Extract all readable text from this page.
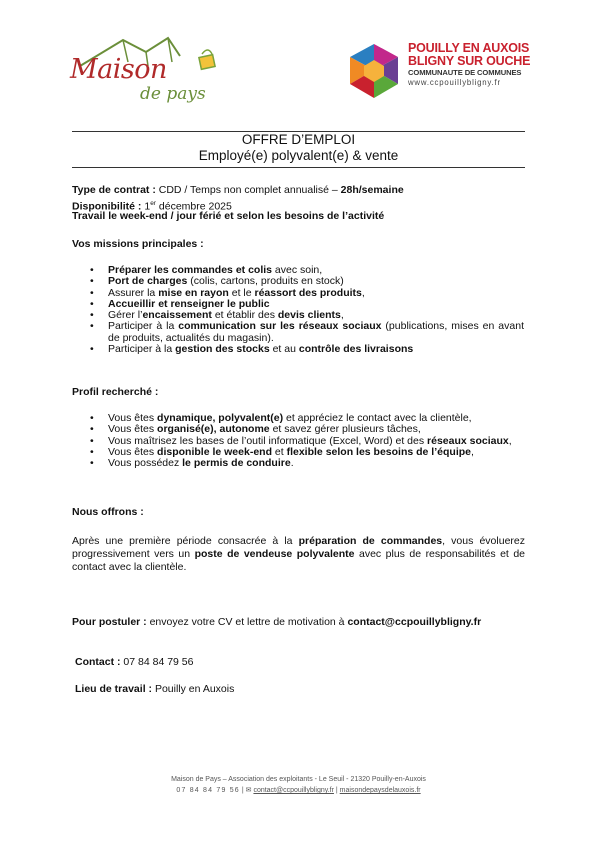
Maison
de pays
POUILLY EN AUXOIS
BLIGNY SUR OUCHE
COMMUNAUTE DE COMMUNES
www.ccpouillybligny.fr
OFFRE D’EMPLOI
Employé(e) polyvalent(e) & vente
Type de contrat : CDD / Temps non complet annualisé – 28h/semaine
Disponibilité : 1er décembre 2025
Travail le week-end / jour férié et selon les besoins de l’activité
Vos missions principales :
• Préparer les commandes et colis avec soin,
• Port de charges (colis, cartons, produits en stock)
• Assurer la mise en rayon et le réassort des produits,
• Accueillir et renseigner le public
• Gérer l’encaissement et établir des devis clients,
• Participer à la communication sur les réseaux sociaux (publications, mises en avant de produits, actualités du magasin).
• Participer à la gestion des stocks et au contrôle des livraisons
Profil recherché :
• Vous êtes dynamique, polyvalent(e) et appréciez le contact avec la clientèle,
• Vous êtes organisé(e), autonome et savez gérer plusieurs tâches,
• Vous maîtrisez les bases de l’outil informatique (Excel, Word) et des réseaux sociaux,
• Vous êtes disponible le week-end et flexible selon les besoins de l’équipe,
• Vous possédez le permis de conduire.
Nous offrons :
Après une première période consacrée à la préparation de commandes, vous évoluerez progressivement vers un poste de vendeuse polyvalente avec plus de responsabilités et de contact avec la clientèle.
Pour postuler : envoyez votre CV et lettre de motivation à contact@ccpouillybligny.fr
Contact : 07 84 84 79 56
Lieu de travail : Pouilly en Auxois
Maison de Pays – Association des exploitants - Le Seuil - 21320 Pouilly-en-Auxois
07 84 84 79 56 | ✉ contact@ccpouillybligny.fr | maisondepaysdelauxois.fr
